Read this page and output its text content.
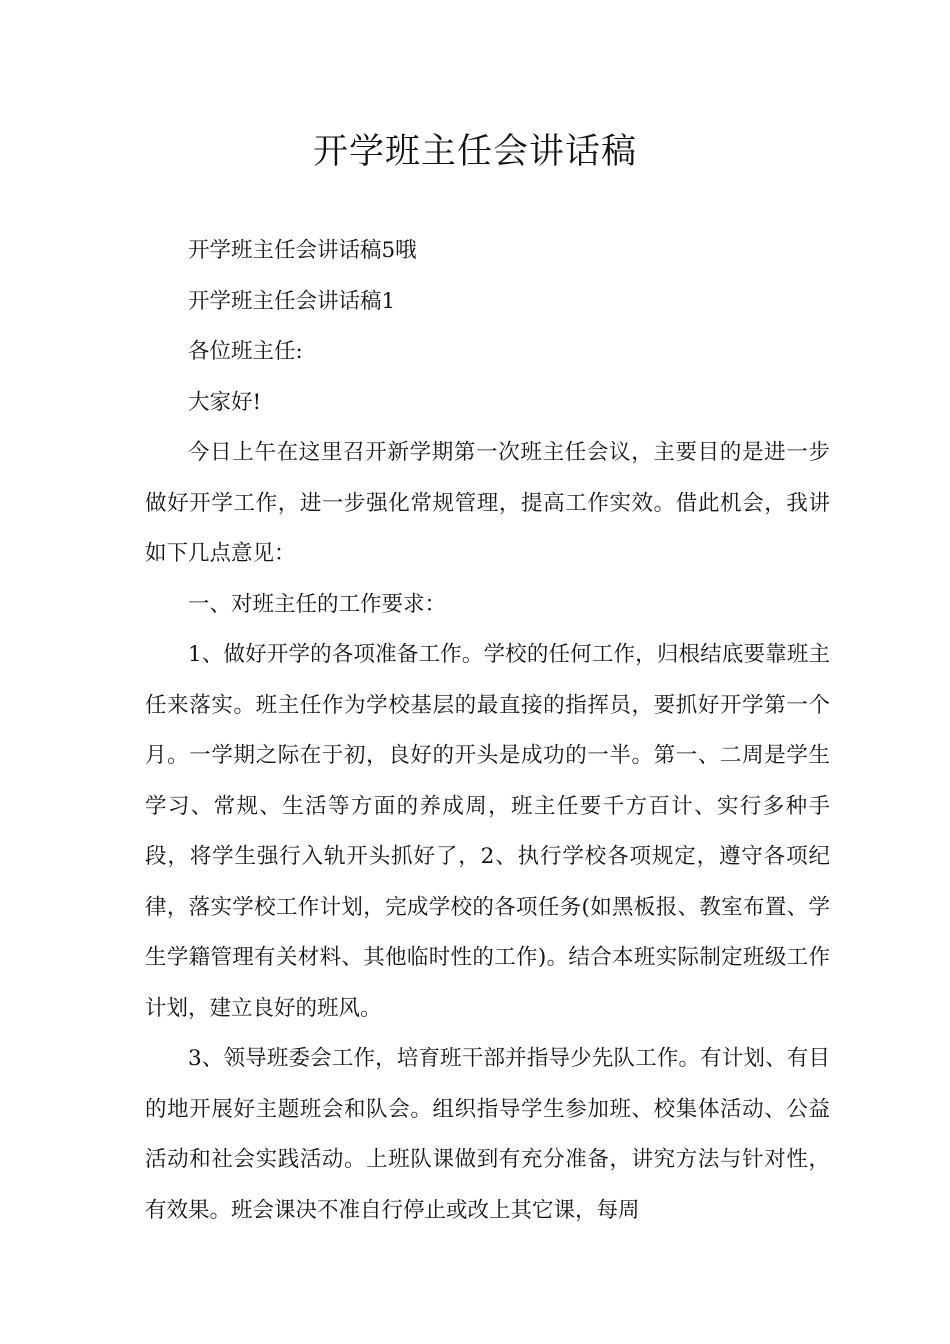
开学班主任会讲话稿

开学班主任会讲话稿5哦

开学班主任会讲话稿1

各位班主任:

大家好!

今日上午在这里召开新学期第一次班主任会议，主要目的是进一步做好开学工作，进一步强化常规管理，提高工作实效。借此机会，我讲如下几点意见：

一、对班主任的工作要求：

1、做好开学的各项准备工作。学校的任何工作，归根结底要靠班主任来落实。班主任作为学校基层的最直接的指挥员，要抓好开学第一个月。一学期之际在于初，良好的开头是成功的一半。第一、二周是学生学习、常规、生活等方面的养成周，班主任要千方百计、实行多种手段，将学生强行入轨开头抓好了，2、执行学校各项规定，遵守各项纪律，落实学校工作计划，完成学校的各项任务(如黑板报、教室布置、学生学籍管理有关材料、其他临时性的工作)。结合本班实际制定班级工作计划，建立良好的班风。

3、领导班委会工作，培育班干部并指导少先队工作。有计划、有目的地开展好主题班会和队会。组织指导学生参加班、校集体活动、公益活动和社会实践活动。上班队课做到有充分准备，讲究方法与针对性，有效果。班会课决不准自行停止或改上其它课，每周
